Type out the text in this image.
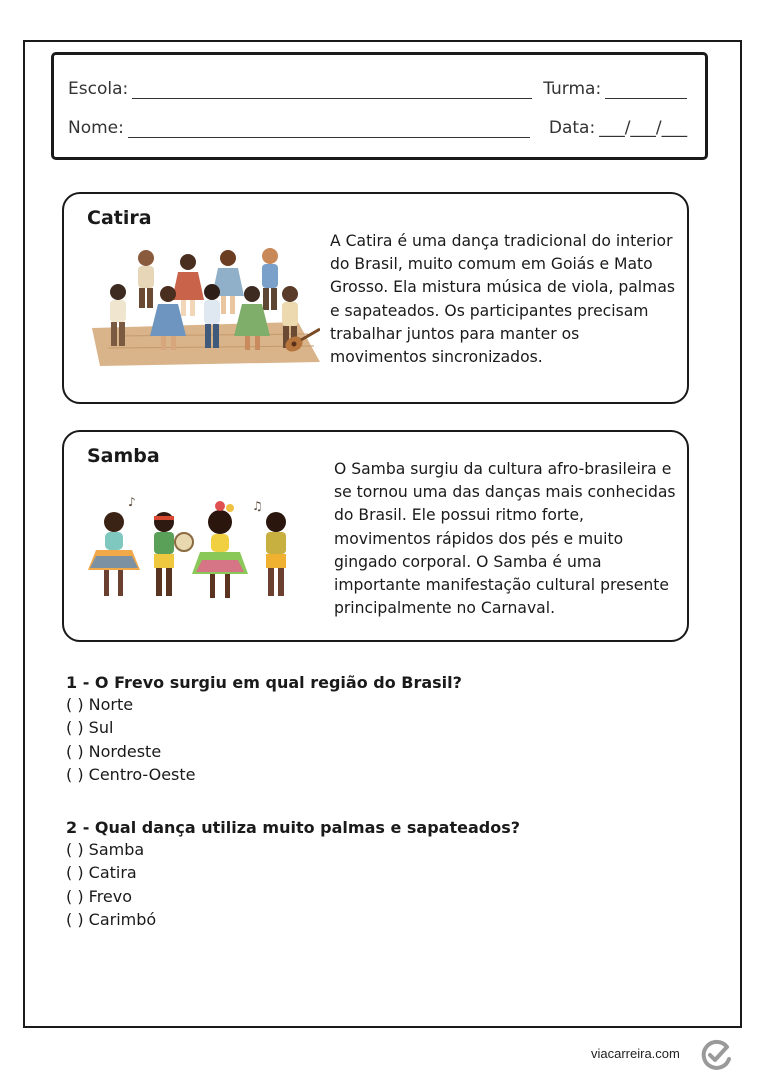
Escola:	Turma:
Nome:	Data: ___/___/___
Catira
A Catira é uma dança tradicional do interior do Brasil, muito comum em Goiás e Mato Grosso. Ela mistura música de viola, palmas e sapateados. Os participantes precisam trabalhar juntos para manter os movimentos sincronizados.
Samba
♪	♫
O Samba surgiu da cultura afro-brasileira e se tornou uma das danças mais conhecidas do Brasil. Ele possui ritmo forte, movimentos rápidos dos pés e muito gingado corporal. O Samba é uma importante manifestação cultural presente principalmente no Carnaval.
1 - O Frevo surgiu em qual região do Brasil?
( ) Norte
( ) Sul
( ) Nordeste
( ) Centro-Oeste
2 - Qual dança utiliza muito palmas e sapateados?
( ) Samba
( ) Catira
( ) Frevo
( ) Carimbó
viacarreira.com
